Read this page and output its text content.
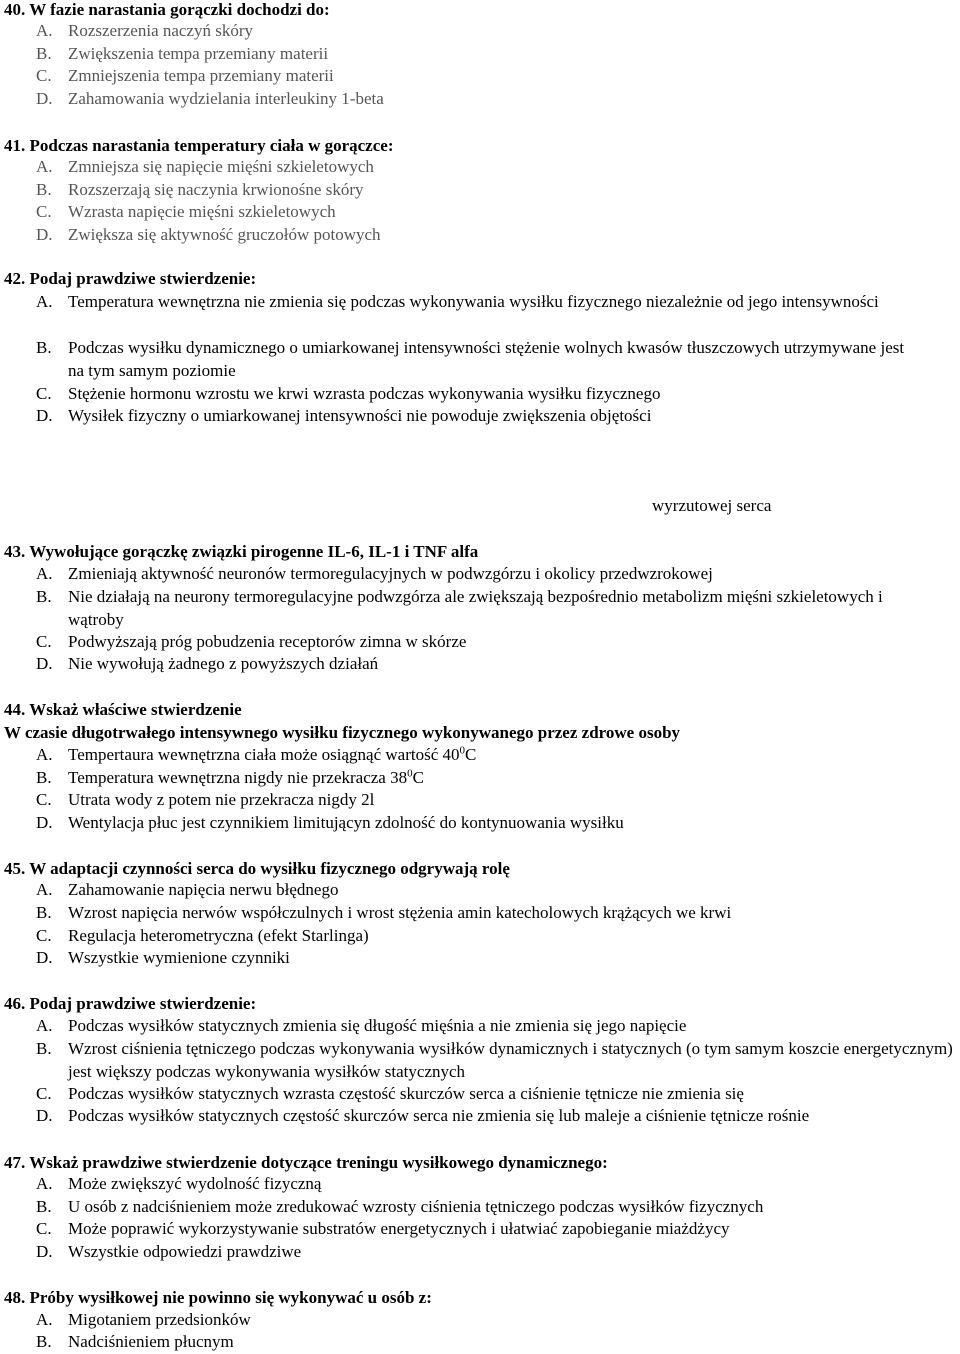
40. W fazie narastania gorączki dochodzi do:
A. Rozszerzenia naczyń skóry
B. Zwiększenia tempa przemiany materii
C. Zmniejszenia tempa przemiany materii
D. Zahamowania wydzielania interleukiny 1-beta
41. Podczas narastania temperatury ciała w gorączce:
A. Zmniejsza się napięcie mięśni szkieletowych
B. Rozszerzają się naczynia krwionośne skóry
C. Wzrasta napięcie mięśni szkieletowych
D. Zwiększa się aktywność gruczołów potowych
42. Podaj prawdziwe stwierdzenie:
A. Temperatura wewnętrzna nie zmienia się podczas wykonywania wysiłku fizycznego niezależnie od jego intensywności
B. Podczas wysiłku dynamicznego o umiarkowanej intensywności stężenie wolnych kwasów tłuszczowych utrzymywane jest na tym samym poziomie
C. Stężenie hormonu wzrostu we krwi wzrasta podczas wykonywania wysiłku fizycznego
D. Wysiłek fizyczny o umiarkowanej intensywności nie powoduje zwiększenia objętości
wyrzutowej serca
43. Wywołujące gorączkę związki pirogenne IL-6, IL-1 i TNF alfa
A. Zmieniają aktywność neuronów termoregulacyjnych w podwzgórzu i okolicy przedwzrokowej
B. Nie działają na neurony termoregulacyjne podwzgórza ale zwiększają bezpośrednio metabolizm mięśni szkieletowych i wątroby
C. Podwyższają próg pobudzenia receptorów zimna w skórze
D. Nie wywołują żadnego z powyższych działań
44. Wskaż właściwe stwierdzenie
W czasie długotrwałego intensywnego wysiłku fizycznego wykonywanego przez zdrowe osoby
A. Tempertaura wewnętrzna ciała może osiągnąć wartość $40^0C$
B. Temperatura wewnętrzna nigdy nie przekracza $38^0C$
C. Utrata wody z potem nie przekracza nigdy 2l
D. Wentylacja płuc jest czynnikiem limitującyn zdolność do kontynuowania wysiłku
45. W adaptacji czynności serca do wysiłku fizycznego odgrywają rolę
A. Zahamowanie napięcia nerwu błędnego
B. Wzrost napięcia nerwów współczulnych i wrost stężenia amin katecholowych krążących we krwi
C. Regulacja heterometryczna (efekt Starlinga)
D. Wszystkie wymienione czynniki
46. Podaj prawdziwe stwierdzenie:
A. Podczas wysiłków statycznych zmienia się długość mięśnia a nie zmienia się jego napięcie
B. Wzrost ciśnienia tętniczego podczas wykonywania wysiłków dynamicznych i statycznych (o tym samym koszcie energetycznym) jest większy podczas wykonywania wysiłków statycznych
C. Podczas wysiłków statycznych wzrasta częstość skurczów serca a ciśnienie tętnicze nie zmienia się
D. Podczas wysiłków statycznych częstość skurczów serca nie zmienia się lub maleje a ciśnienie tętnicze rośnie
47. Wskaż prawdziwe stwierdzenie dotyczące treningu wysiłkowego dynamicznego:
A. Może zwiększyć wydolność fizyczną
B. U osób z nadciśnieniem może zredukować wzrosty ciśnienia tętniczego podczas wysiłków fizycznych
C. Może poprawić wykorzystywanie substratów energetycznych i ułatwiać zapobieganie miażdżycy
D. Wszystkie odpowiedzi prawdziwe
48. Próby wysiłkowej nie powinno się wykonywać u osób z:
A. Migotaniem przedsionków
B. Nadciśnieniem płucnym
